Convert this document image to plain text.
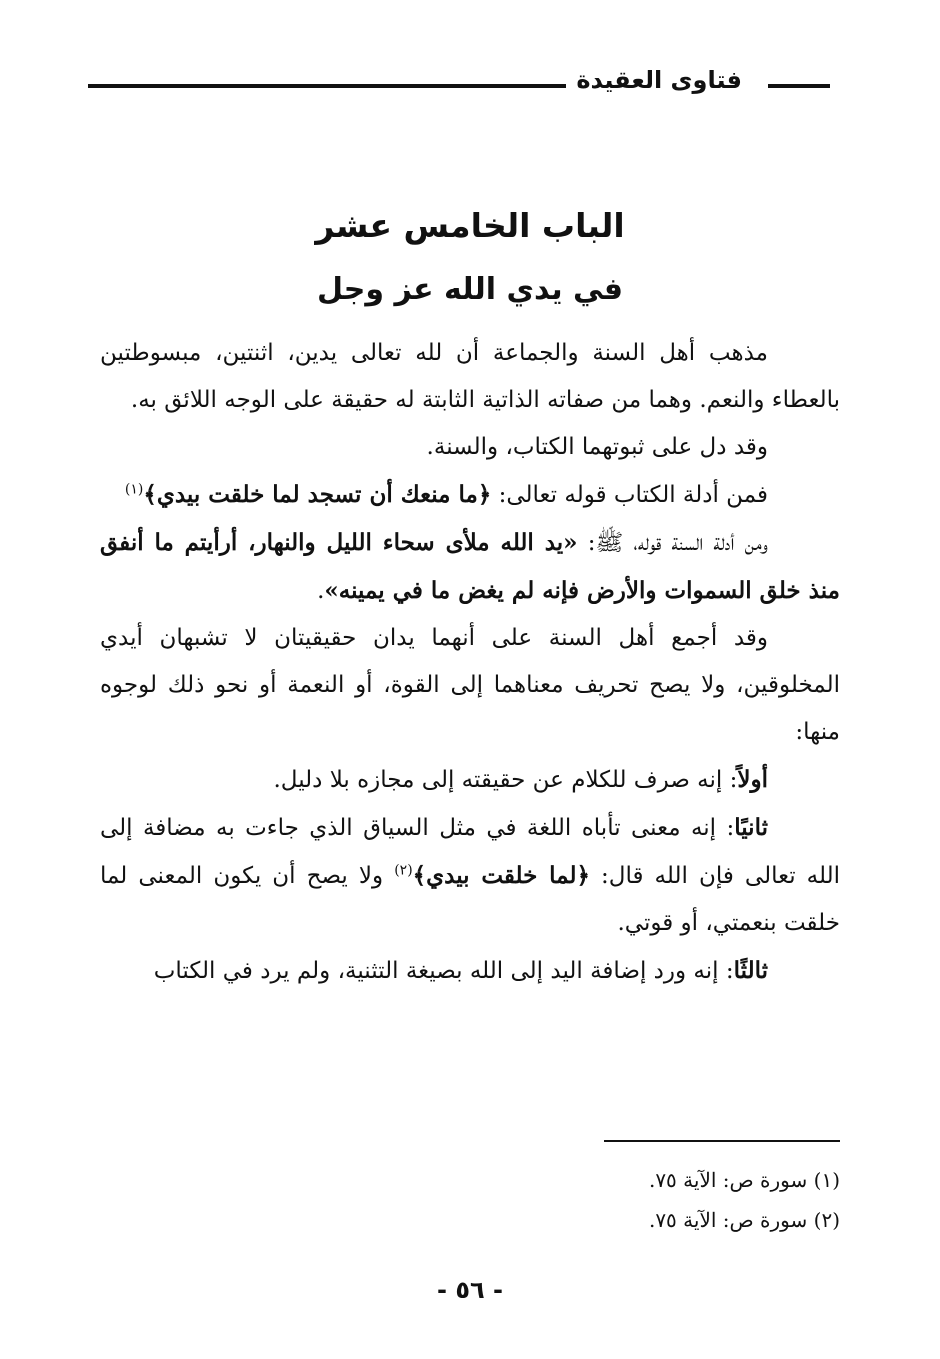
فتاوى العقيدة
الباب الخامس عشر
في يدي الله عز وجل

مذهب أهل السنة والجماعة أن لله تعالى يدين، اثنتين، مبسوطتين بالعطاء والنعم. وهما من صفاته الذاتية الثابتة له حقيقة على الوجه اللائق به.

وقد دل على ثبوتهما الكتاب، والسنة.

فمن أدلة الكتاب قوله تعالى: ﴿ما منعك أن تسجد لما خلقت بيدي﴾$^{(١)}$

ومن أدلة السنة قوله، ﷺ: «يد الله ملأى سحاء الليل والنهار، أرأيتم ما أنفق منذ خلق السموات والأرض فإنه لم يغض ما في يمينه».

وقد أجمع أهل السنة على أنهما يدان حقيقيتان لا تشبهان أيدي المخلوقين، ولا يصح تحريف معناهما إلى القوة، أو النعمة أو نحو ذلك لوجوه منها:

أولاً: إنه صرف للكلام عن حقيقته إلى مجازه بلا دليل.

ثانيًا: إنه معنى تأباه اللغة في مثل السياق الذي جاءت به مضافة إلى الله تعالى فإن الله قال: ﴿لما خلقت بيدي﴾$^{(٢)}$ ولا يصح أن يكون المعنى لما خلقت بنعمتي، أو قوتي.

ثالثًا: إنه ورد إضافة اليد إلى الله بصيغة التثنية، ولم يرد في الكتاب

(١) سورة ص: الآية ٧٥.
(٢) سورة ص: الآية ٧٥.
- ٥٦ -
